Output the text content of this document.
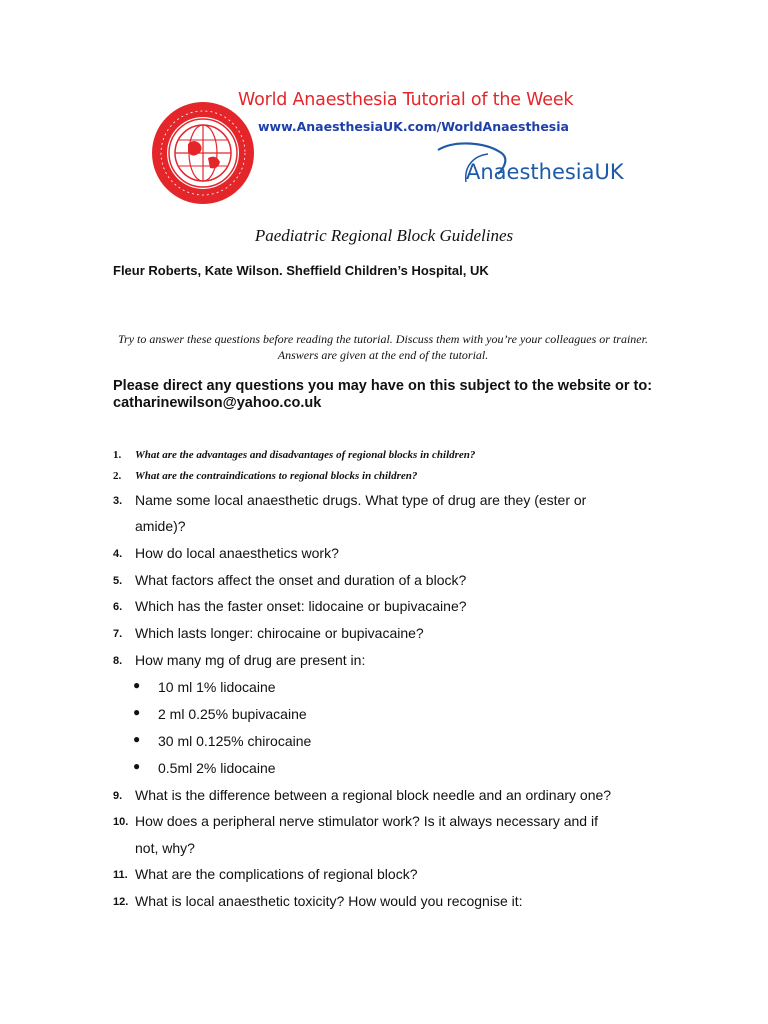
World Anaesthesia Tutorial of the Week
www.AnaesthesiaUK.com/WorldAnaesthesia
AnaesthesiaUK
Paediatric Regional Block Guidelines
Fleur Roberts, Kate Wilson. Sheffield Children’s Hospital, UK
Try to answer these questions before reading the tutorial. Discuss them with you’re your colleagues or trainer. Answers are given at the end of the tutorial.
Please direct any questions you may have on this subject to the website or to:
catharinewilson@yahoo.co.uk
1.	What are the advantages and disadvantages of regional blocks in children?
2.	What are the contraindications to regional blocks in children?
3. Name some local anaesthetic drugs. What type of drug are they (ester or
amide)?
4. How do local anaesthetics work?
5. What factors affect the onset and duration of a block?
6. Which has the faster onset: lidocaine or bupivacaine?
7. Which lasts longer: chirocaine or bupivacaine?
8. How many mg of drug are present in:
● 10 ml 1% lidocaine
● 2 ml 0.25% bupivacaine
● 30 ml 0.125% chirocaine
● 0.5ml 2% lidocaine
9. What is the difference between a regional block needle and an ordinary one?
10. How does a peripheral nerve stimulator work? Is it always necessary and if
not, why?
11. What are the complications of regional block?
12. What is local anaesthetic toxicity? How would you recognise it:
